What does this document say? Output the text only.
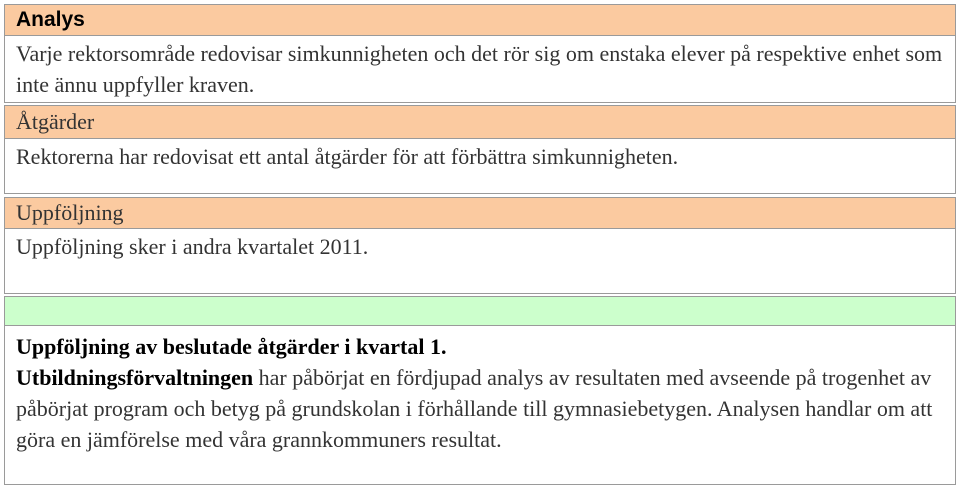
Analys
Varje rektorsområde redovisar simkunnigheten och det rör sig om enstaka elever på respektive enhet som inte ännu uppfyller kraven.
Åtgärder
Rektorerna har redovisat ett antal åtgärder för att förbättra simkunnigheten.
Uppföljning
Uppföljning sker i andra kvartalet 2011.
Uppföljning av beslutade åtgärder i kvartal 1.
Utbildningsförvaltningen har påbörjat en fördjupad analys av resultaten med avseende på trogenhet av påbörjat program och betyg på grundskolan i förhållande till gymnasiebetygen. Analysen handlar om att göra en jämförelse med våra grannkommuners resultat.
